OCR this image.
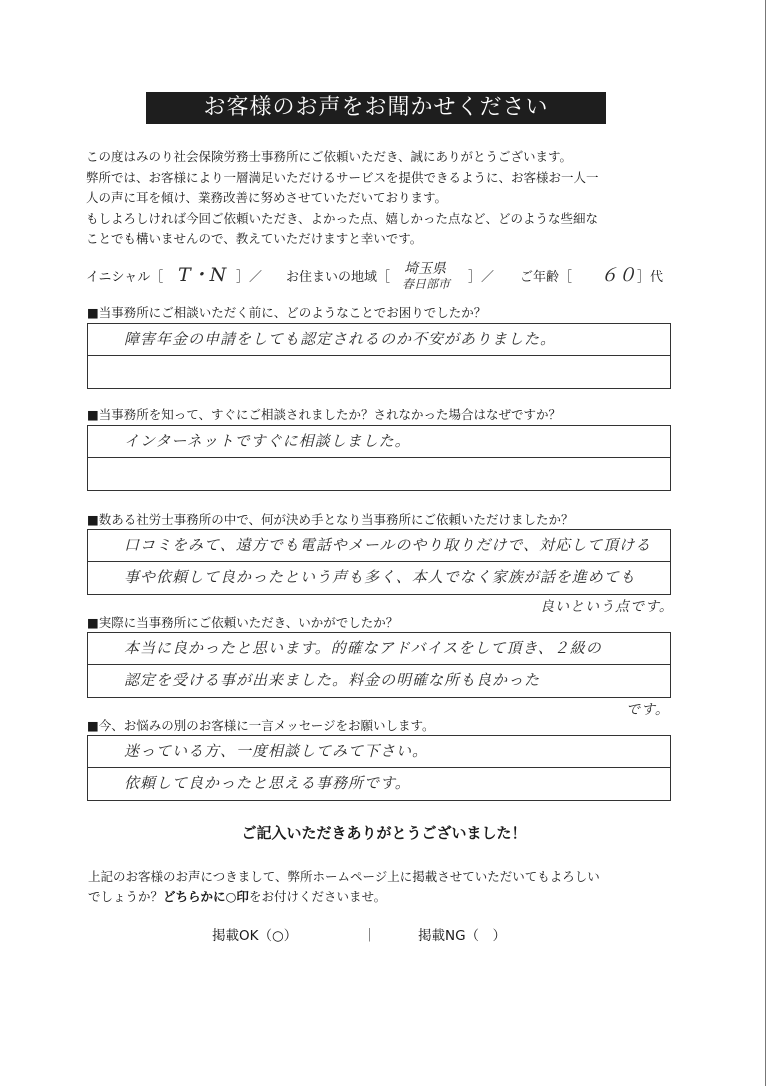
お客様のお声をお聞かせください
この度はみのり社会保険労務士事務所にご依頼いただき、誠にありがとうございます。
弊所では、お客様により一層満足いただけるサービスを提供できるように、お客様お一人一
人の声に耳を傾け、業務改善に努めさせていただいております。
もしよろしければ今回ご依頼いただき、よかった点、嬉しかった点など、どのような些細な
ことでも構いませんので、教えていただけますと幸いです。
イニシャル［ T・N ］／ お住まいの地域［
埼玉県
春日部市 ］／ ご年齢［ ６０ ］代
■当事務所にご相談いただく前に、どのようなことでお困りでしたか？
障害年金の申請をしても認定されるのか不安がありました。
■当事務所を知って、すぐにご相談されましたか？されなかった場合はなぜですか？
インターネットですぐに相談しました。
■数ある社労士事務所の中で、何が決め手となり当事務所にご依頼いただけましたか？
口コミをみて、遠方でも電話やメールのやり取りだけで、対応して頂ける
事や依頼して良かったという声も多く、本人でなく家族が話を進めても
良いという点です。
■実際に当事務所にご依頼いただき、いかがでしたか？
本当に良かったと思います。的確なアドバイスをして頂き、２級の
認定を受ける事が出来ました。料金の明確な所も良かった
です。
■今、お悩みの別のお客様に一言メッセージをお願いします。
迷っている方、一度相談してみて下さい。
依頼して良かったと思える事務所です。
ご記入いただきありがとうございました！
上記のお客様のお声につきまして、弊所ホームページ上に掲載させていただいてもよろしい
でしょうか？どちらかに○印をお付けくださいませ。
掲載OK（○）	｜	掲載NG（　）
